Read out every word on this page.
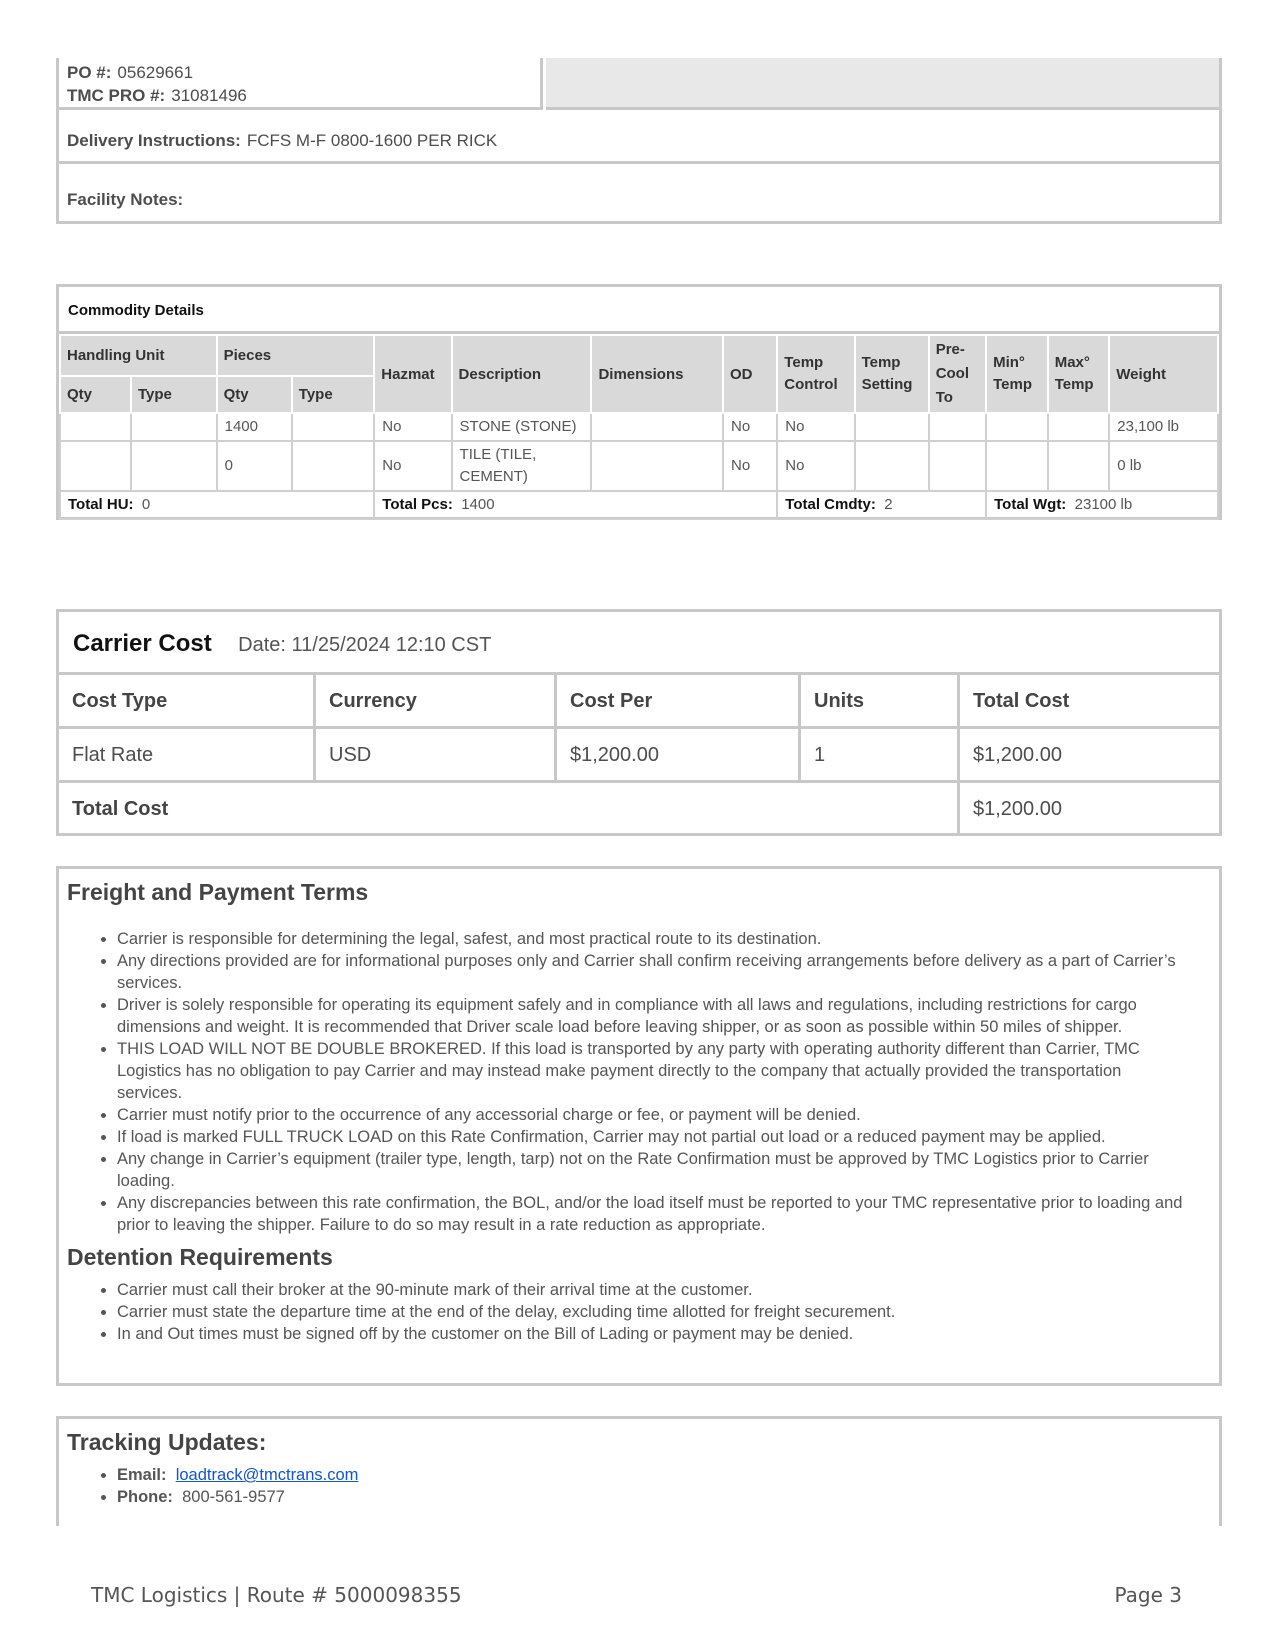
PO #: 05629661
TMC PRO #: 31081496
Delivery Instructions: FCFS M-F 0800-1600 PER RICK
Facility Notes:
Commodity Details
Handling Unit		Pieces		Hazmat	Description	Dimensions	OD	Temp Control	Temp Setting	Pre-Cool To	Min° Temp	Max° Temp	Weight
Qty	Type	Qty	Type										
		1400		No	STONE (STONE)		No	No					23,100 lb
		0		No	TILE (TILE, CEMENT)		No	No					0 lb
Total HU: 0				Total Pcs: 1400				Total Cmdty: 2			Total Wgt: 23100 lb		
Carrier Cost Date: 11/25/2024 12:10 CST
Cost Type	Currency	Cost Per	Units	Total Cost
Flat Rate	USD	$1,200.00	1	$1,200.00
Total Cost	$1,200.00
Freight and Payment Terms
• Carrier is responsible for determining the legal, safest, and most practical route to its destination.
• Any directions provided are for informational purposes only and Carrier shall confirm receiving arrangements before delivery as a part of Carrier’s services.
• Driver is solely responsible for operating its equipment safely and in compliance with all laws and regulations, including restrictions for cargo dimensions and weight. It is recommended that Driver scale load before leaving shipper, or as soon as possible within 50 miles of shipper.
• THIS LOAD WILL NOT BE DOUBLE BROKERED. If this load is transported by any party with operating authority different than Carrier, TMC Logistics has no obligation to pay Carrier and may instead make payment directly to the company that actually provided the transportation services.
• Carrier must notify prior to the occurrence of any accessorial charge or fee, or payment will be denied.
• If load is marked FULL TRUCK LOAD on this Rate Confirmation, Carrier may not partial out load or a reduced payment may be applied.
• Any change in Carrier’s equipment (trailer type, length, tarp) not on the Rate Confirmation must be approved by TMC Logistics prior to Carrier loading.
• Any discrepancies between this rate confirmation, the BOL, and/or the load itself must be reported to your TMC representative prior to loading and prior to leaving the shipper. Failure to do so may result in a rate reduction as appropriate.
Detention Requirements
• Carrier must call their broker at the 90-minute mark of their arrival time at the customer.
• Carrier must state the departure time at the end of the delay, excluding time allotted for freight securement.
• In and Out times must be signed off by the customer on the Bill of Lading or payment may be denied.
Tracking Updates:
• Email: loadtrack@tmctrans.com
• Phone: 800-561-9577
TMC Logistics | Route # 5000098355	Page 3
